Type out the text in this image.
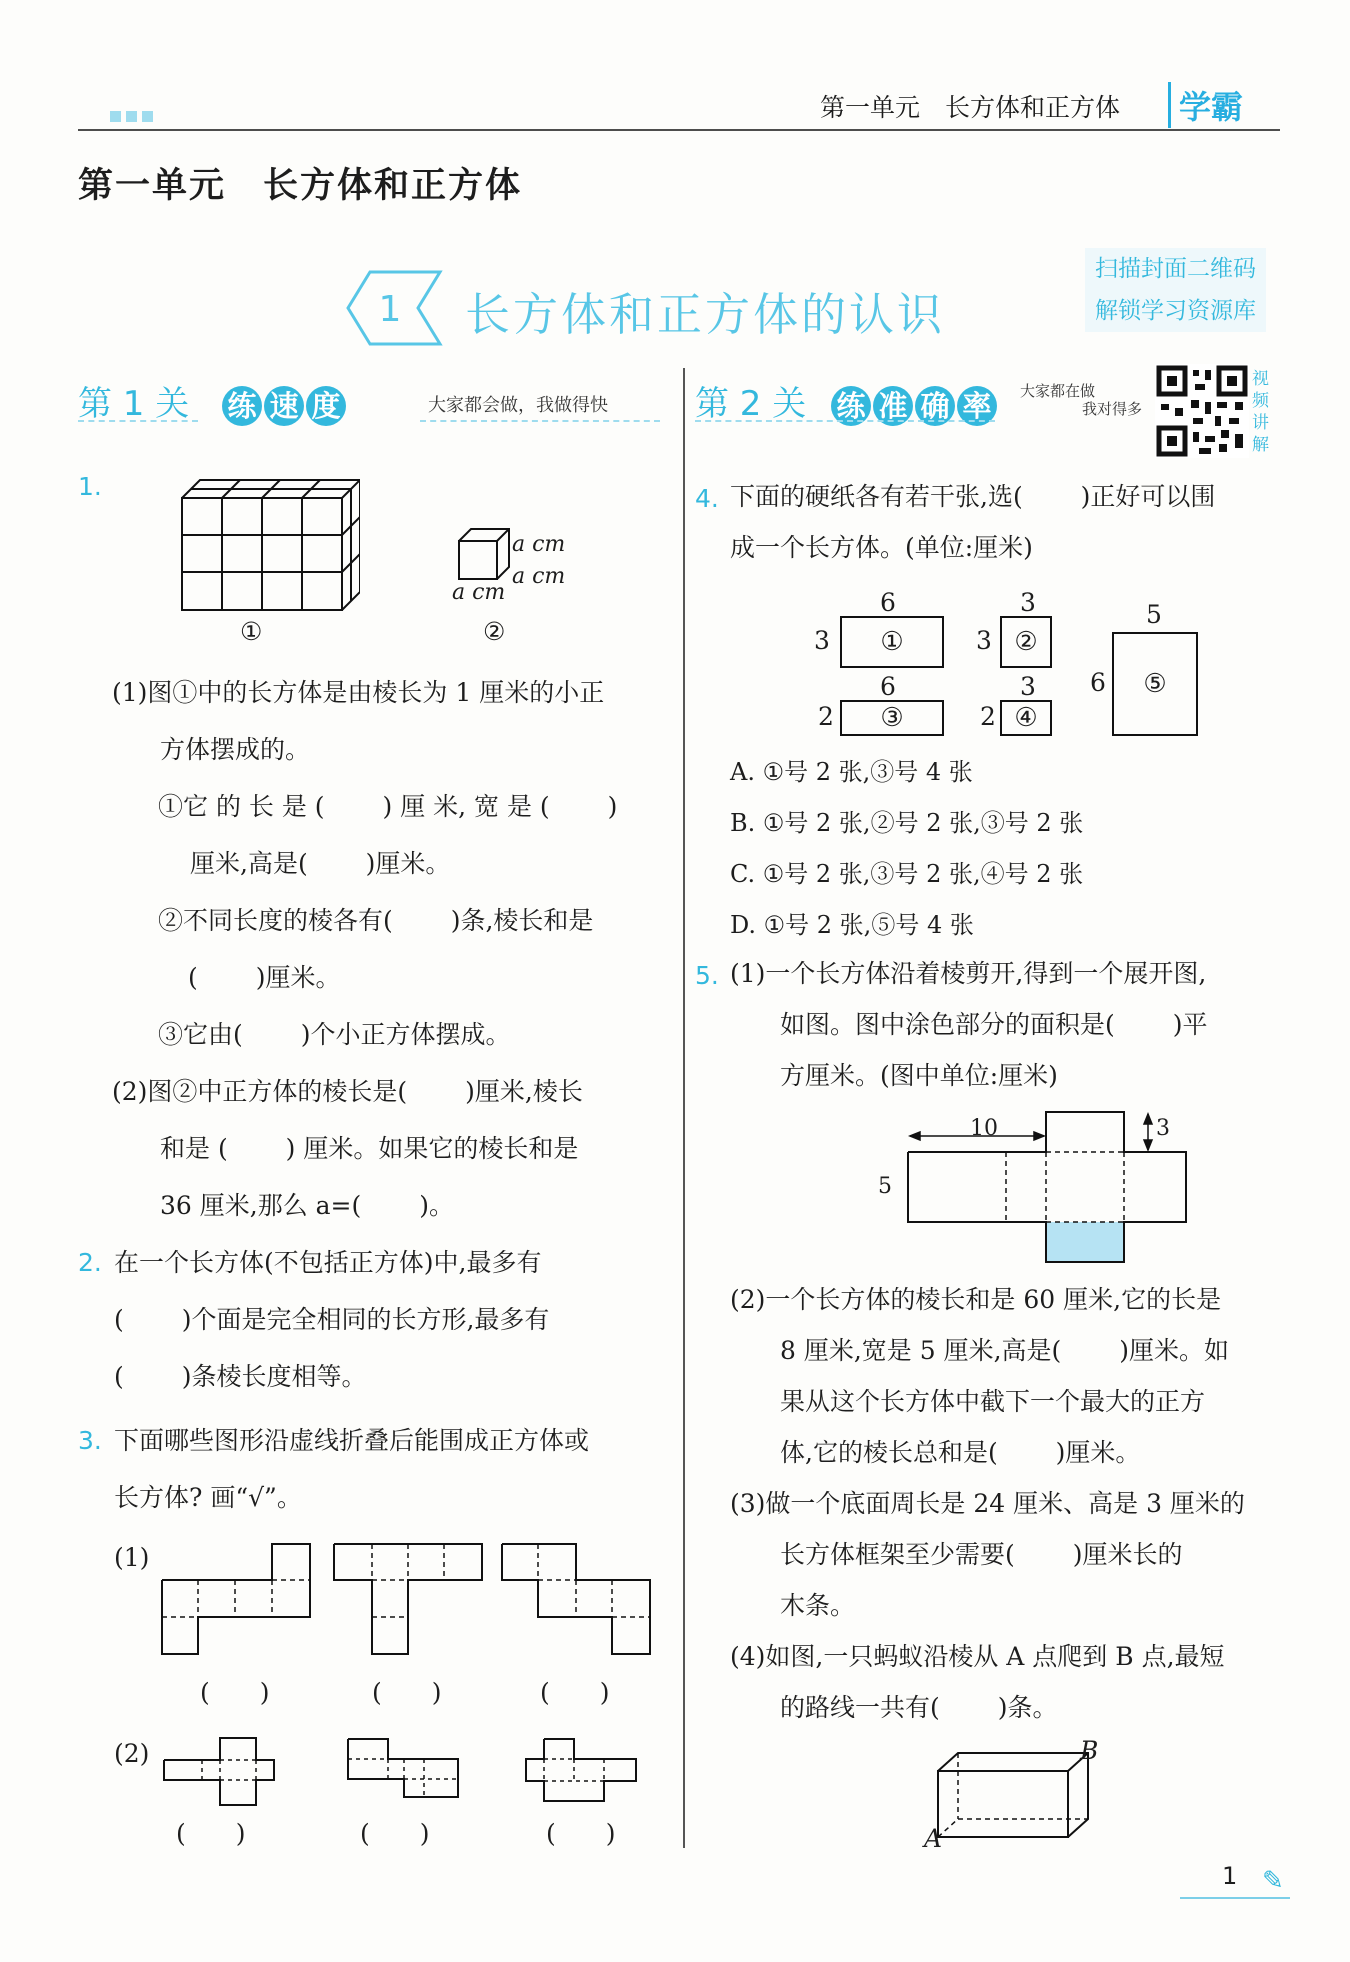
第一单元　长方体和正方体	学霸
第一单元　长方体和正方体
1 长方体和正方体的认识
扫描封面二维码
解锁学习资源库
第 1 关 练 速 度	大家都会做，我做得快	第 2 关 练 准 确 率	大家都在做
我对得多
视频讲解
1.
①
a cm
a cm
a cm
②
(1)图①中的长方体是由棱长为 1 厘米的小正
方体摆成的。
①它 的 长 是 (　　 ) 厘 米, 宽 是 (　　 )
厘米,高是(　　 )厘米。
②不同长度的棱各有(　　 )条,棱长和是
(　　 )厘米。
③它由(　　 )个小正方体摆成。
(2)图②中正方体的棱长是(　　 )厘米,棱长
和是 (　　 ) 厘米。如果它的棱长和是
36 厘米,那么 a=(　　 )。
2. 在一个长方体(不包括正方体)中,最多有
(　　 )个面是完全相同的长方形,最多有
(　　 )条棱长度相等。
3. 下面哪些图形沿虚线折叠后能围成正方体或
长方体? 画“√”。
(1)
(　　)	(　　)	(　　)
(2)
(　　)	(　　)	(　　)
4. 下面的硬纸各有若干张,选(　　 )正好可以围
成一个长方体。(单位:厘米)
①
6
3	②
3
3
③
6
2	④
3
2
⑤
5
6
A. ①号 2 张,③号 4 张
B. ①号 2 张,②号 2 张,③号 2 张
C. ①号 2 张,③号 2 张,④号 2 张
D. ①号 2 张,⑤号 4 张
5. (1)一个长方体沿着棱剪开,得到一个展开图,
如图。图中涂色部分的面积是(　　 )平
方厘米。(图中单位:厘米)
10	3
5
(2)一个长方体的棱长和是 60 厘米,它的长是
8 厘米,宽是 5 厘米,高是(　　 )厘米。如
果从这个长方体中截下一个最大的正方
体,它的棱长总和是(　　 )厘米。
(3)做一个底面周长是 24 厘米、高是 3 厘米的
长方体框架至少需要(　　 )厘米长的
木条。
(4)如图,一只蚂蚁沿棱从 A 点爬到 B 点,最短
的路线一共有(　　 )条。
A
B
1 ✎
